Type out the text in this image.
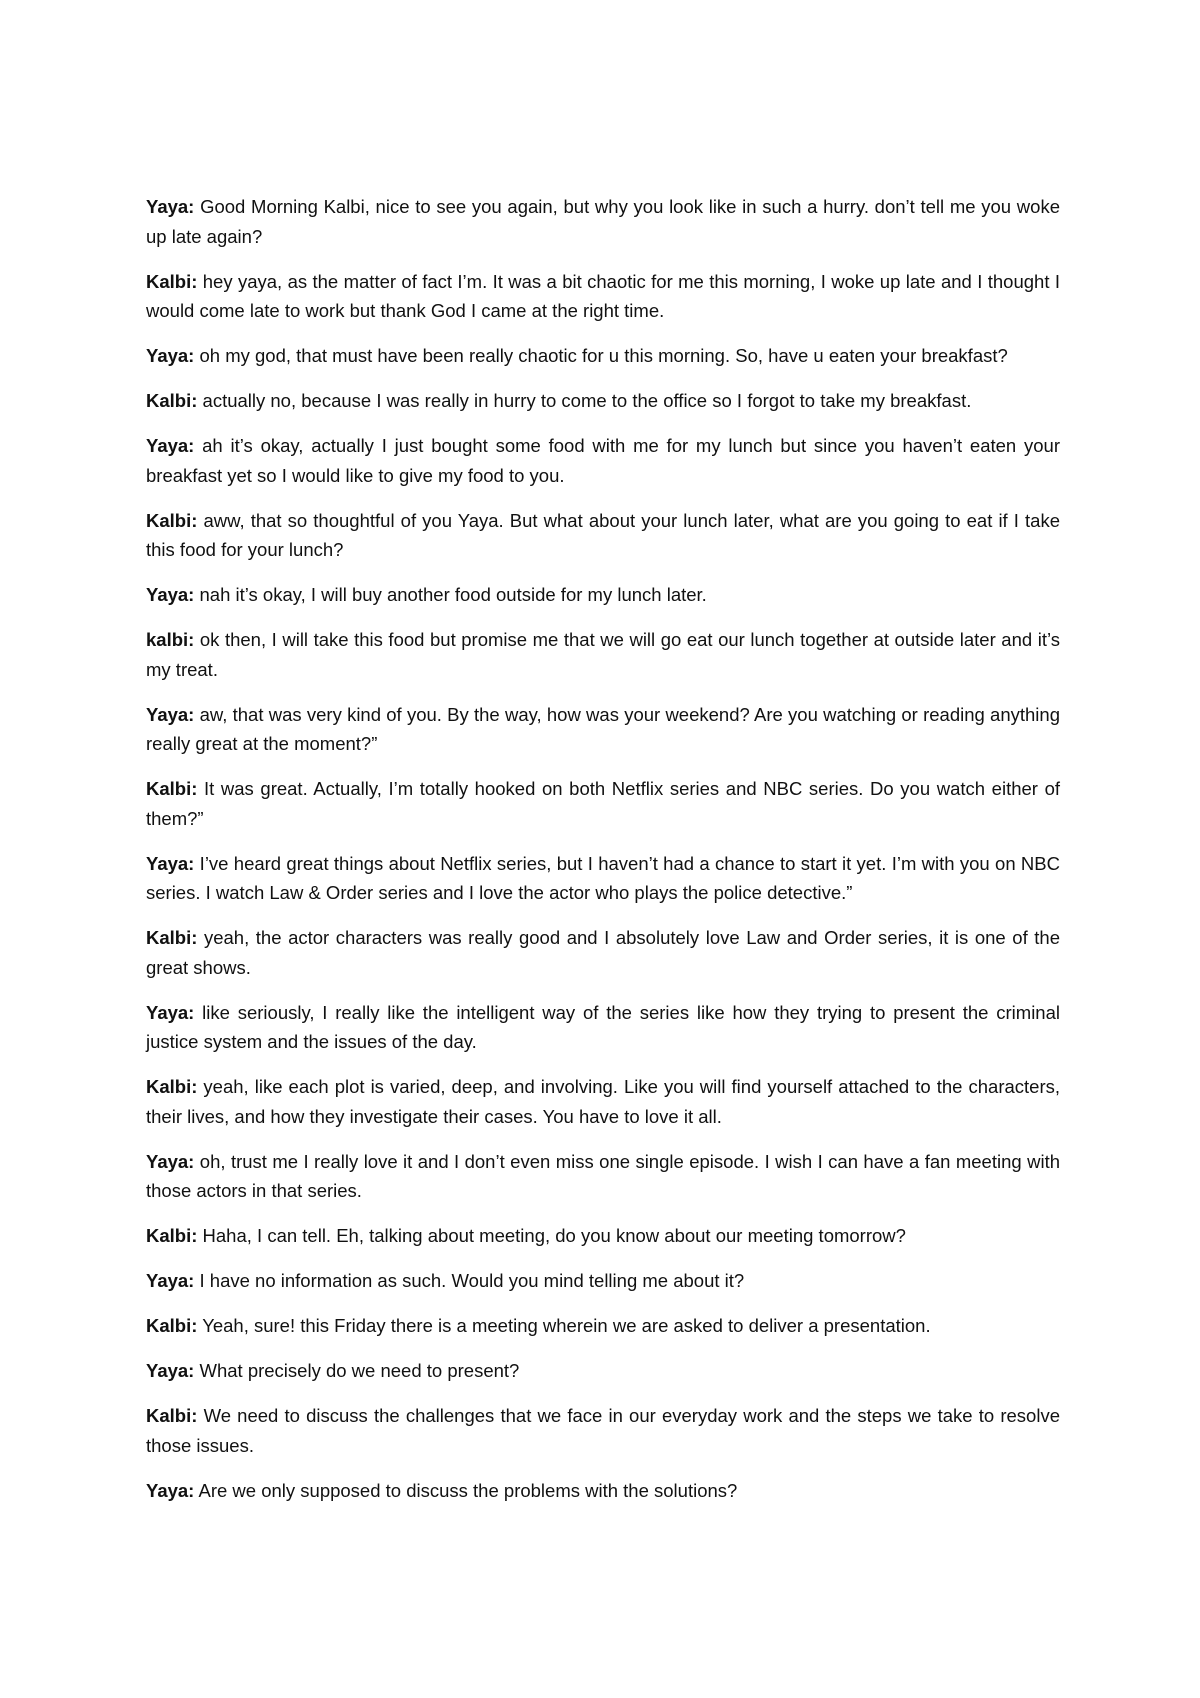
Yaya: Good Morning Kalbi, nice to see you again, but why you look like in such a hurry. don’t tell me you woke up late again?

Kalbi: hey yaya, as the matter of fact I’m. It was a bit chaotic for me this morning, I woke up late and I thought I would come late to work but thank God I came at the right time.

Yaya: oh my god, that must have been really chaotic for u this morning. So, have u eaten your breakfast?

Kalbi: actually no, because I was really in hurry to come to the office so I forgot to take my breakfast.

Yaya: ah it’s okay, actually I just bought some food with me for my lunch but since you haven’t eaten your breakfast yet so I would like to give my food to you.

Kalbi: aww, that so thoughtful of you Yaya. But what about your lunch later, what are you going to eat if I take this food for your lunch?

Yaya: nah it’s okay, I will buy another food outside for my lunch later.

kalbi: ok then, I will take this food but promise me that we will go eat our lunch together at outside later and it’s my treat.

Yaya: aw, that was very kind of you. By the way, how was your weekend? Are you watching or reading anything really great at the moment?”

Kalbi: It was great. Actually, I’m totally hooked on both Netflix series and NBC series. Do you watch either of them?”

Yaya: I’ve heard great things about Netflix series, but I haven’t had a chance to start it yet. I’m with you on NBC series. I watch Law & Order series and I love the actor who plays the police detective.”

Kalbi: yeah, the actor characters was really good and I absolutely love Law and Order series, it is one of the great shows.

Yaya: like seriously, I really like the intelligent way of the series like how they trying to present the criminal justice system and the issues of the day.

Kalbi: yeah, like each plot is varied, deep, and involving. Like you will find yourself attached to the characters, their lives, and how they investigate their cases. You have to love it all.

Yaya: oh, trust me I really love it and I don’t even miss one single episode. I wish I can have a fan meeting with those actors in that series.

Kalbi: Haha, I can tell. Eh, talking about meeting, do you know about our meeting tomorrow?

Yaya: I have no information as such. Would you mind telling me about it?

Kalbi: Yeah, sure! this Friday there is a meeting wherein we are asked to deliver a presentation.

Yaya: What precisely do we need to present?

Kalbi: We need to discuss the challenges that we face in our everyday work and the steps we take to resolve those issues.

Yaya: Are we only supposed to discuss the problems with the solutions?
